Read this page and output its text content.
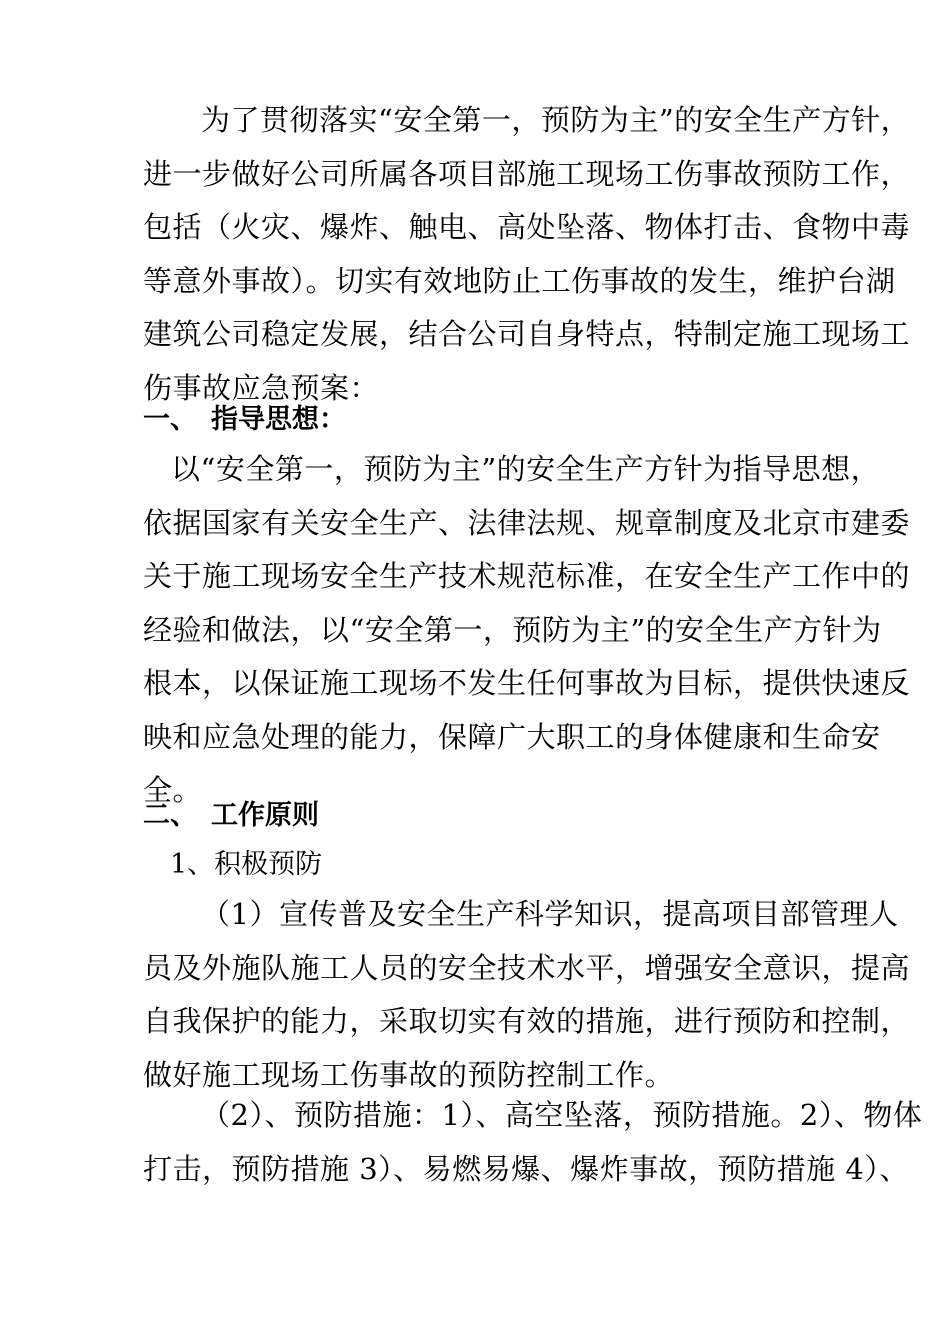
为了贯彻落实“安全第一，预防为主”的安全生产方针，
进一步做好公司所属各项目部施工现场工伤事故预防工作，
包括（火灾、爆炸、触电、高处坠落、物体打击、食物中毒
等意外事故）。切实有效地防止工伤事故的发生，维护台湖
建筑公司稳定发展，结合公司自身特点，特制定施工现场工
伤事故应急预案：
一、 指导思想：
以“安全第一，预防为主”的安全生产方针为指导思想，
依据国家有关安全生产、法律法规、规章制度及北京市建委
关于施工现场安全生产技术规范标准，在安全生产工作中的
经验和做法，以“安全第一，预防为主”的安全生产方针为
根本，以保证施工现场不发生任何事故为目标，提供快速反
映和应急处理的能力，保障广大职工的身体健康和生命安
全。
二、 工作原则
1、积极预防
（1）宣传普及安全生产科学知识，提高项目部管理人
员及外施队施工人员的安全技术水平，增强安全意识，提高
自我保护的能力，采取切实有效的措施，进行预防和控制，
做好施工现场工伤事故的预防控制工作。
（2）、预防措施：1）、高空坠落，预防措施。2）、物体
打击，预防措施 3）、易燃易爆、爆炸事故，预防措施 4）、
